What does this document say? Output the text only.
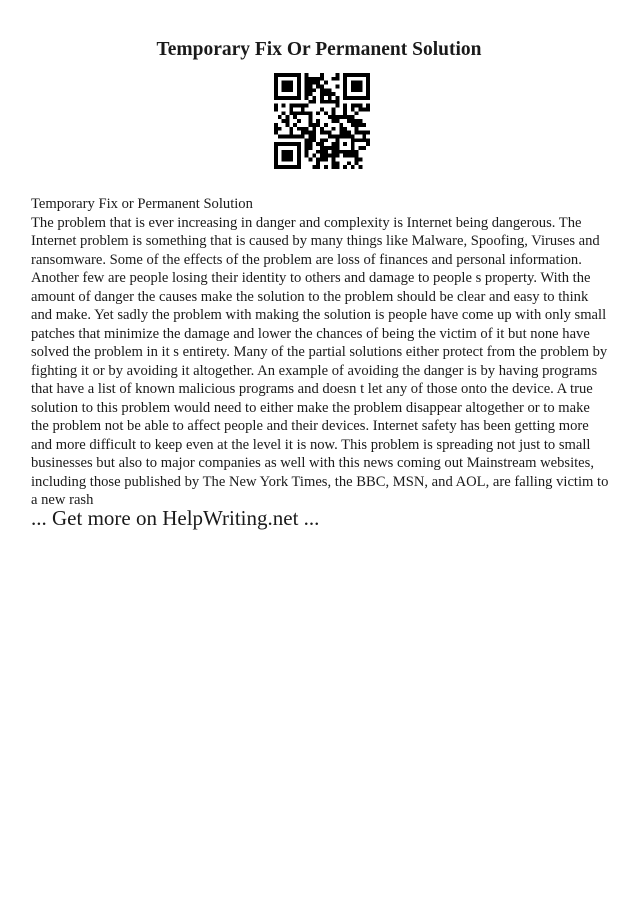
Temporary Fix Or Permanent Solution

Temporary Fix or Permanent Solution

The problem that is ever increasing in danger and complexity is Internet being dangerous. The Internet problem is something that is caused by many things like Malware, Spoofing, Viruses and ransomware. Some of the effects of the problem are loss of finances and personal information. Another few are people losing their identity to others and damage to people s property. With the amount of danger the causes make the solution to the problem should be clear and easy to think and make. Yet sadly the problem with making the solution is people have come up with only small patches that minimize the damage and lower the chances of being the victim of it but none have solved the problem in it s entirety. Many of the partial solutions either protect from the problem by fighting it or by avoiding it altogether. An example of avoiding the danger is by having programs that have a list of known malicious programs and doesn t let any of those onto the device. A true solution to this problem would need to either make the problem disappear altogether or to make the problem not be able to affect people and their devices. Internet safety has been getting more and more difficult to keep even at the level it is now. This problem is spreading not just to small businesses but also to major companies as well with this news coming out Mainstream websites, including those published by The New York Times, the BBC, MSN, and AOL, are falling victim to a new rash

... Get more on HelpWriting.net ...
